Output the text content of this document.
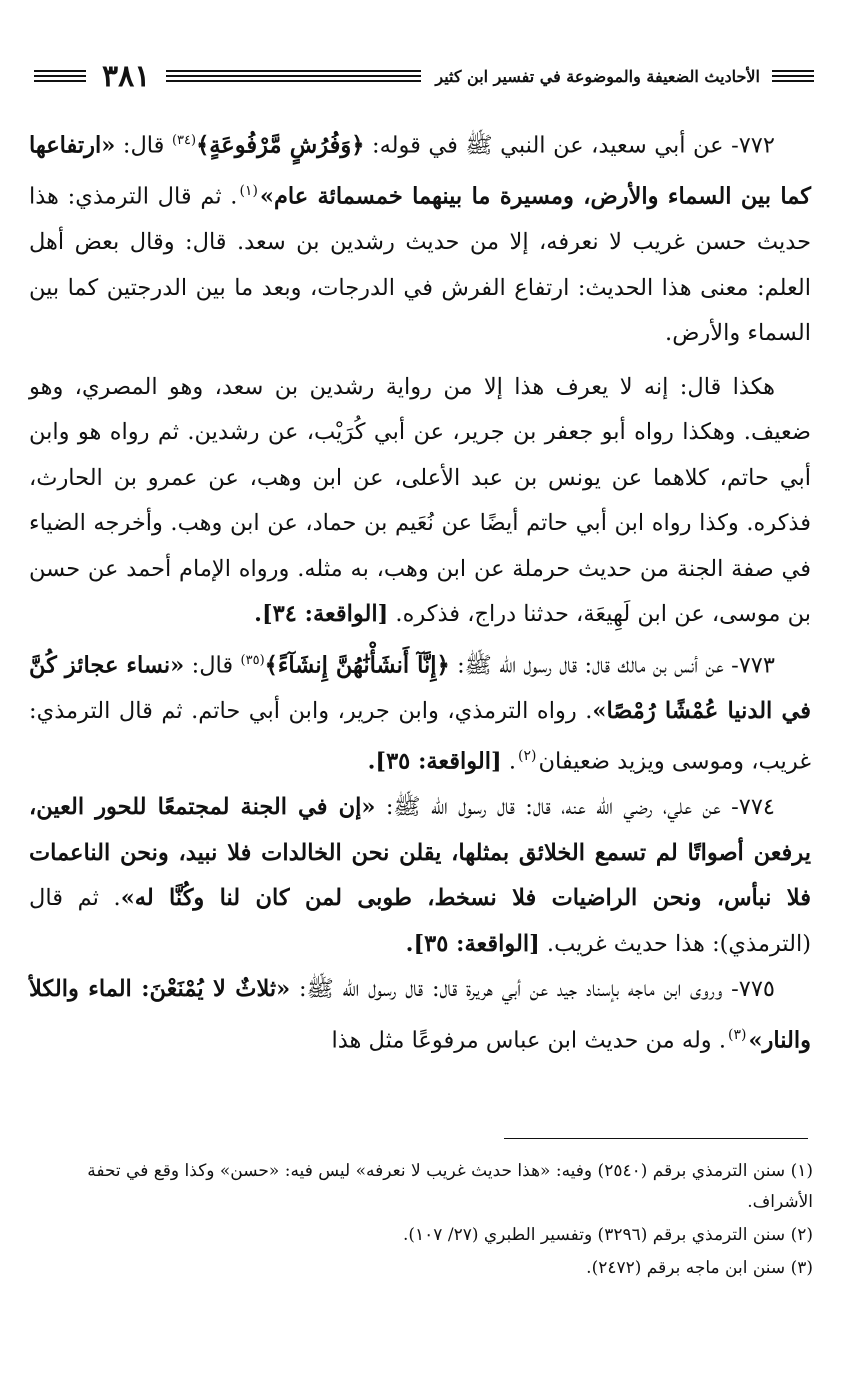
٣٨١	الأحاديث الضعيفة والموضوعة في تفسير ابن كثير

٧٧٢- عن أبي سعيد، عن النبي ﷺ في قوله: ﴿وَفُرُشٍ مَّرْفُوعَةٍ﴾$^{(٣٤)}$ قال: «ارتفاعها كما بين السماء والأرض، ومسيرة ما بينهما خمسمائة عام»$^{(١)}$. ثم قال الترمذي: هذا حديث حسن غريب لا نعرفه، إلا من حديث رشدين بن سعد. قال: وقال بعض أهل العلم: معنى هذا الحديث: ارتفاع الفرش في الدرجات، وبعد ما بين الدرجتين كما بين السماء والأرض.

هكذا قال: إنه لا يعرف هذا إلا من رواية رشدين بن سعد، وهو المصري، وهو ضعيف. وهكذا رواه أبو جعفر بن جرير، عن أبي كُرَيْب، عن رشدين. ثم رواه هو وابن أبي حاتم، كلاهما عن يونس بن عبد الأعلى، عن ابن وهب، عن عمرو بن الحارث، فذكره. وكذا رواه ابن أبي حاتم أيضًا عن نُعَيم بن حماد، عن ابن وهب. وأخرجه الضياء في صفة الجنة من حديث حرملة عن ابن وهب، به مثله. ورواه الإمام أحمد عن حسن بن موسى، عن ابن لَهِيعَة، حدثنا دراج، فذكره. [الواقعة: ٣٤].

٧٧٣- عن أنس بن مالك قال: قال رسول الله ﷺ: ﴿إِنَّآ أَنشَأْنَٰهُنَّ إِنشَآءً﴾$^{(٣٥)}$ قال: «نساء عجائز كُنَّ في الدنيا عُمْشًا رُمْصًا». رواه الترمذي، وابن جرير، وابن أبي حاتم. ثم قال الترمذي: غريب، وموسى ويزيد ضعيفان$^{(٢)}$. [الواقعة: ٣٥].

٧٧٤- عن علي، رضي الله عنه، قال: قال رسول الله ﷺ: «إن في الجنة لمجتمعًا للحور العين، يرفعن أصواتًا لم تسمع الخلائق بمثلها، يقلن نحن الخالدات فلا نبيد، ونحن الناعمات فلا نبأس، ونحن الراضيات فلا نسخط، طوبى لمن كان لنا وكُنَّا له». ثم قال (الترمذي): هذا حديث غريب. [الواقعة: ٣٥].

٧٧٥- وروى ابن ماجه بإسناد جيد عن أبي هريرة قال: قال رسول الله ﷺ: «ثلاثٌ لا يُمْنَعْنَ: الماء والكلأ والنار»$^{(٣)}$. وله من حديث ابن عباس مرفوعًا مثل هذا

(١) سنن الترمذي برقم (٢٥٤٠) وفيه: «هذا حديث غريب لا نعرفه» ليس فيه: «حسن» وكذا وقع في تحفة الأشراف.

(٢) سنن الترمذي برقم (٣٢٩٦) وتفسير الطبري (٢٧/ ١٠٧).

(٣) سنن ابن ماجه برقم (٢٤٧٢).
